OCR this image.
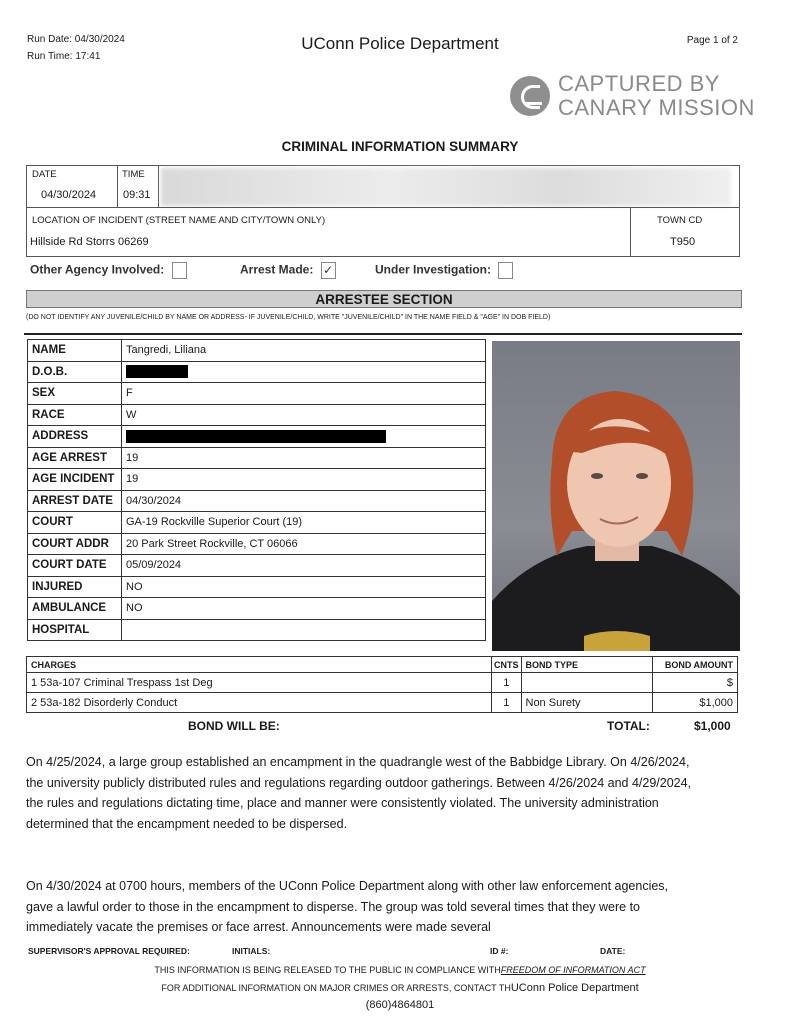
Run Date: 04/30/2024
Run Time: 17:41
UConn Police Department	Page 1 of 2
CAPTURED BY
CANARY MISSION
CRIMINAL INFORMATION SUMMARY
DATE
04/30/2024
TIME
09:31
LOCATION OF INCIDENT (STREET NAME AND CITY/TOWN ONLY)
Hillside Rd Storrs 06269
TOWN CD
T950
Other Agency Involved:	Arrest Made: ✓	Under Investigation:
ARRESTEE SECTION
(DO NOT IDENTIFY ANY JUVENILE/CHILD BY NAME OR ADDRESS- IF JUVENILE/CHILD, WRITE "JUVENILE/CHILD" IN THE NAME FIELD & "AGE" IN DOB FIELD)
NAME	Tangredi, Liliana
D.O.B.	
SEX	F
RACE	W
ADDRESS	
AGE ARREST	19
AGE INCIDENT	19
ARREST DATE	04/30/2024
COURT	GA-19 Rockville Superior Court (19)
COURT ADDR	20 Park Street Rockville, CT 06066
COURT DATE	05/09/2024
INJURED	NO
AMBULANCE	NO
HOSPITAL	
CHARGES	CNTS	BOND TYPE	BOND AMOUNT
1 53a-107 Criminal Trespass 1st Deg	1		$
2 53a-182 Disorderly Conduct	1	Non Surety	$1,000
BOND WILL BE:	TOTAL:	$1,000
On 4/25/2024, a large group established an encampment in the quadrangle west of the Babbidge Library. On 4/26/2024, the university publicly distributed rules and regulations regarding outdoor gatherings. Between 4/26/2024 and 4/29/2024, the rules and regulations dictating time, place and manner were consistently violated. The university administration determined that the encampment needed to be dispersed.
On 4/30/2024 at 0700 hours, members of the UConn Police Department along with other law enforcement agencies, gave a lawful order to those in the encampment to disperse. The group was told several times that they were to immediately vacate the premises or face arrest. Announcements were made several
SUPERVISOR'S APPROVAL REQUIRED:	INITIALS:	ID #:	DATE:
THIS INFORMATION IS BEING RELEASED TO THE PUBLIC IN COMPLIANCE WITHFREEDOM OF INFORMATION ACT
FOR ADDITIONAL INFORMATION ON MAJOR CRIMES OR ARRESTS, CONTACT THUConn Police Department
(860)4864801
